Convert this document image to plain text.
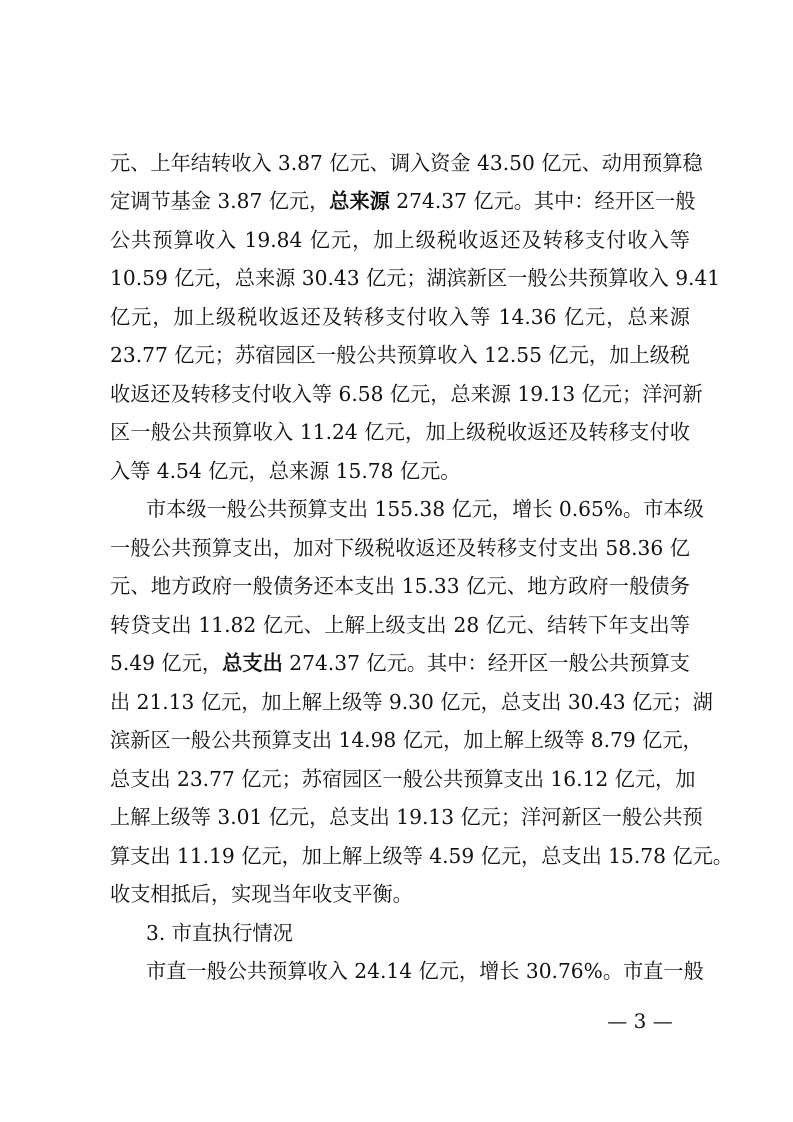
元、上年结转收入 3.87 亿元、调入资金 43.50 亿元、动用预算稳
定调节基金 3.87 亿元，总来源 274.37 亿元。其中：经开区一般
公共预算收入 19.84 亿元，加上级税收返还及转移支付收入等
10.59 亿元，总来源 30.43 亿元；湖滨新区一般公共预算收入 9.41
亿元，加上级税收返还及转移支付收入等 14.36 亿元，总来源
23.77 亿元；苏宿园区一般公共预算收入 12.55 亿元，加上级税
收返还及转移支付收入等 6.58 亿元，总来源 19.13 亿元；洋河新
区一般公共预算收入 11.24 亿元，加上级税收返还及转移支付收
入等 4.54 亿元，总来源 15.78 亿元。
市本级一般公共预算支出 155.38 亿元，增长 0.65%。市本级
一般公共预算支出，加对下级税收返还及转移支付支出 58.36 亿
元、地方政府一般债务还本支出 15.33 亿元、地方政府一般债务
转贷支出 11.82 亿元、上解上级支出 28 亿元、结转下年支出等
5.49 亿元，总支出 274.37 亿元。其中：经开区一般公共预算支
出 21.13 亿元，加上解上级等 9.30 亿元，总支出 30.43 亿元；湖
滨新区一般公共预算支出 14.98 亿元，加上解上级等 8.79 亿元，
总支出 23.77 亿元；苏宿园区一般公共预算支出 16.12 亿元，加
上解上级等 3.01 亿元，总支出 19.13 亿元；洋河新区一般公共预
算支出 11.19 亿元，加上解上级等 4.59 亿元，总支出 15.78 亿元。
收支相抵后，实现当年收支平衡。
3. 市直执行情况
市直一般公共预算收入 24.14 亿元，增长 30.76%。市直一般
— 3 —
